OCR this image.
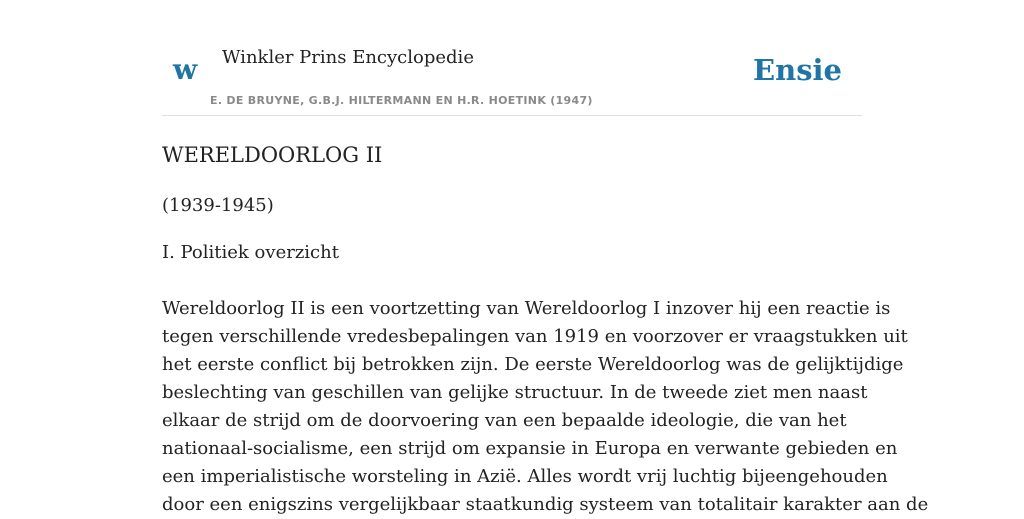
w Winkler Prins Encyclopedie
E. DE BRUYNE, G.B.J. HILTERMANN EN H.R. HOETINK (1947)
Ensie
WERELDOORLOG II
(1939-1945)
I. Politiek overzicht
Wereldoorlog II is een voortzetting van Wereldoorlog I inzover hij een reactie is
tegen verschillende vredesbepalingen van 1919 en voorzover er vraagstukken uit
het eerste conflict bij betrokken zijn. De eerste Wereldoorlog was de gelijktijdige
beslechting van geschillen van gelijke structuur. In de tweede ziet men naast
elkaar de strijd om de doorvoering van een bepaalde ideologie, die van het
nationaal-socialisme, een strijd om expansie in Europa en verwante gebieden en
een imperialistische worsteling in Azië. Alles wordt vrij luchtig bijeengehouden
door een enigszins vergelijkbaar staatkundig systeem van totalitair karakter aan de
